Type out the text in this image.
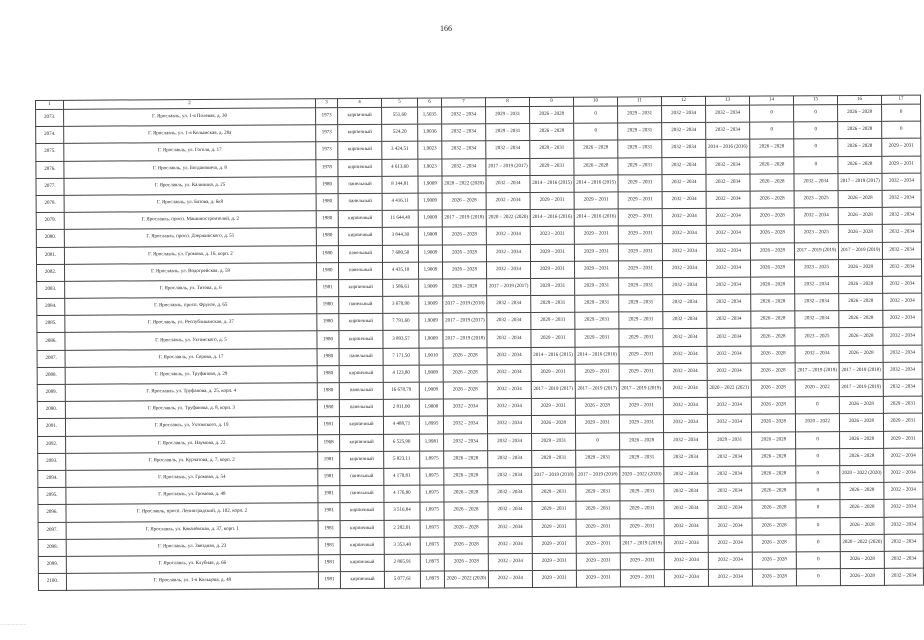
166
1	2	3	4	5	6	7	8	9	10	11	12	13	14	15	16	17
2073.	Г. Ярославль, ул. 1-я Полевая, д. 30	1973	кирпичный	551,60	1,5035	2032 – 2034	2029 – 2031	2026 – 2028	0	2029 – 2031	2032 – 2034	2032 – 2034	0	0	2026 – 2028	0
2074.	Г. Ярославль, ул. 1-я Колымская, д. 28а	1973	кирпичный	524,20	1,9036	2032 – 2034	2029 – 2031	2026 – 2028	0	2029 – 2031	2032 – 2034	2032 – 2034	0	0	2026 – 2028	0
2075.	Г. Ярославль, ул. Гоголя, д. 17	1973	кирпичный	3 424,51	1,9023	2032 – 2034	2032 – 2034	2029 – 2031	2026 – 2028	2029 – 2031	2032 – 2034	2014 – 2016 (2016)	2026 – 2028	0	2026 – 2028	2029 – 2031
2076.	Г. Ярославль, ул. Богдановича, д. 8	1978	кирпичный	4 613,60	1,9023	2032 – 2034	2017 – 2019 (2017)	2029 – 2031	2026 – 2028	2029 – 2031	2032 – 2034	2032 – 2034	2026 – 2028	0	2026 – 2028	2029 – 2031
2077.	Г. Ярославль, ул. Калинина, д. 25	1980	панельный	8 144,81	1,9009	2020 – 2022 (2020)	2032 – 2034	2014 – 2016 (2015)	2014 – 2016 (2015)	2029 – 2031	2032 – 2034	2032 – 2034	2026 – 2028	2032 – 2034	2017 – 2019 (2017)	2032 – 2034
2078.	Г. Ярославль, ул. Батова, д. 6к9	1980	панельный	4 416,11	1,9009	2026 – 2028	2032 – 2034	2029 – 2031	2029 – 2031	2029 – 2031	2032 – 2034	2032 – 2034	2026 – 2028	2023 – 2025	2026 – 2028	2032 – 2034
2079.	Г. Ярославль, просп. Машиностроителей, д. 2	1980	кирпичный	11 644,49	1,9009	2017 – 2019 (2018)	2020 – 2022 (2020)	2014 – 2016 (2016)	2014 – 2016 (2016)	2029 – 2031	2032 – 2034	2032 – 2034	2026 – 2028	2032 – 2034	2026 – 2028	2032 – 2034
2080.	Г. Ярославль, просп. Дзержинского, д. 51	1980	кирпичный	3 844,30	1,9009	2026 – 2028	2032 – 2034	2023 – 2031	2029 – 2031	2029 – 2031	2032 – 2034	2032 – 2034	2026 – 2028	2023 – 2025	2026 – 2028	2032 – 2034
2081.	Г. Ярославль, ул. Громова, д. 16, корп. 2	1980	панельный	7 680,50	1,9009	2026 – 2028	2032 – 2034	2029 – 2031	2029 – 2031	2029 – 2031	2032 – 2034	2032 – 2034	2026 – 2028	2017 – 2019 (2019)	2017 – 2019 (2019)	2032 – 2034
2082.	Г. Ярославль, ул. Водогрейская, д. 59	1980	панельный	4 435,10	1,9009	2026 – 2028	2032 – 2034	2029 – 2031	2029 – 2031	2029 – 2031	2032 – 2034	2032 – 2034	2026 – 2028	2023 – 2025	2026 – 2028	2032 – 2034
2083.	Г. Ярославль, ул. Титова, д. 6	1981	кирпичный	1 586,61	1,9009	2026 – 2028	2017 – 2019 (2017)	2029 – 2031	2029 – 2031	2029 – 2031	2032 – 2034	2032 – 2034	2026 – 2028	2032 – 2034	2026 – 2028	2032 – 2034
2084.	Г. Ярославль, просп. Фрунзе, д. 65	1980	панельный	3 670,90	1,9009	2017 – 2019 (2018)	2032 – 2034	2029 – 2031	2029 – 2031	2029 – 2031	2032 – 2034	2032 – 2034	2026 – 2028	2032 – 2034	2026 – 2028	2032 – 2034
2085.	Г. Ярославль, ул. Республиканская, д. 37	1980	кирпичный	7 791,60	1,9009	2017 – 2019 (2017)	2032 – 2034	2029 – 2031	2029 – 2031	2029 – 2031	2032 – 2034	2032 – 2034	2026 – 2028	2032 – 2034	2026 – 2028	2032 – 2034
2086.	Г. Ярославль, ул. Ухтомского, д. 5	1980	кирпичный	3 893,57	1,9009	2017 – 2019 (2018)	2032 – 2034	2029 – 2031	2029 – 2031	2029 – 2031	2032 – 2034	2032 – 2034	2026 – 2028	2023 – 2025	2026 – 2028	2032 – 2034
2087.	Г. Ярославль, ул. Серова, д. 17	1980	панельный	7 171,50	1,9010	2026 – 2028	2032 – 2034	2014 – 2016 (2015)	2014 – 2016 (2016)	2029 – 2031	2032 – 2034	2032 – 2034	2026 – 2028	2032 – 2034	2026 – 2028	2032 – 2034
2088.	Г. Ярославль, ул. Труфанова, д. 29	1980	кирпичный	4 123,80	1,9009	2026 – 2028	2032 – 2034	2029 – 2031	2029 – 2031	2029 – 2031	2032 – 2034	2032 – 2034	2026 – 2028	2017 – 2019 (2019)	2017 – 2019 (2018)	2032 – 2034
2089.	Г. Ярославль, ул. Труфанова, д. 25, корп. 4	1980	панельный	16 678,79	1,9009	2026 – 2028	2032 – 2034	2017 – 2019 (2017)	2017 – 2019 (2017)	2017 – 2019 (2019)	2032 – 2034	2020 – 2022 (2021)	2026 – 2028	2020 – 2022	2017 – 2019 (2019)	2032 – 2034
2090.	Г. Ярославль, ул. Труфанова, д. 8, корп. 3	1980	панельный	2 811,00	1,9000	2032 – 2034	2032 – 2034	2029 – 2031	2026 – 2028	2029 – 2031	2032 – 2034	2032 – 2034	2026 – 2028	0	2026 – 2028	2029 – 2031
2091.	Г. Ярославль, ул. Ухтомского, д. 19	1981	кирпичный	4 488,71	1,8995	2032 – 2034	2032 – 2034	2026 – 2028	2029 – 2031	2029 – 2031	2032 – 2034	2032 – 2034	2026 – 2028	2020 – 2022	2026 – 2028	2029 – 2031
2092.	Г. Ярославль, ул. Наумова, д. 22	1968	кирпичный	6 525,90	1,9981	2032 – 2034	2032 – 2034	2029 – 2031	0	2026 – 2028	2032 – 2034	2029 – 2031	2026 – 2028	0	2026 – 2028	2029 – 2031
2093.	Г. Ярославль, ул. Курчатова, д. 7, корп. 2	1981	кирпичный	5 823,11	1,8975	2026 – 2028	2032 – 2034	2029 – 2031	2029 – 2031	2029 – 2031	2032 – 2034	2032 – 2034	2026 – 2028	0	2026 – 2028	2032 – 2034
2094.	Г. Ярославль, ул. Громова, д. 54	1981	панельный	4 170,81	1,8975	2026 – 2028	2032 – 2034	2017 – 2019 (2018)	2017 – 2019 (2018)	2020 – 2022 (2020)	2032 – 2034	2032 – 2034	2026 – 2028	0	2020 – 2022 (2020)	2032 – 2034
2095.	Г. Ярославль, ул. Громова, д. 48	1981	панельный	4 176,80	1,8975	2026 – 2028	2032 – 2034	2029 – 2031	2029 – 2031	2029 – 2031	2032 – 2034	2032 – 2034	2026 – 2028	0	2026 – 2028	2032 – 2034
2096.	Г. Ярославль, просп. Ленинградский, д. 102, корп. 2	1981	кирпичный	3 516,84	1,8975	2026 – 2028	2032 – 2034	2029 – 2031	2029 – 2031	2029 – 2031	2032 – 2034	2032 – 2034	2026 – 2028	0	2026 – 2028	2032 – 2034
2097.	Г. Ярославль, ул. Ковалёвская, д. 37, корп. 1	1981	кирпичный	2 282,01	1,8975	2026 – 2028	2032 – 2034	2029 – 2031	2029 – 2031	2029 – 2031	2032 – 2034	2032 – 2034	2026 – 2028	0	2026 – 2028	2032 – 2034
2098.	Г. Ярославль, ул. Звездная, д. 23	1981	кирпичный	3 353,40	1,8975	2026 – 2028	2032 – 2034	2029 – 2031	2029 – 2031	2017 – 2019 (2019)	2032 – 2034	2032 – 2034	2026 – 2028	0	2020 – 2022 (2020)	2032 – 2034
2099.	Г. Ярославль, ул. Клубная, д. 66	1981	кирпичный	2 865,91	1,8975	2026 – 2028	2032 – 2034	2029 – 2031	2029 – 2031	2029 – 2031	2032 – 2034	2032 – 2034	2026 – 2028	0	2026 – 2028	2032 – 2034
2100.	Г. Ярославль, ул. 1-я Кольцова, д. 49	1981	кирпичный	5 077,61	1,8975	2020 – 2022 (2020)	2032 – 2034	2029 – 2031	2029 – 2031	2029 – 2031	2032 – 2034	2032 – 2034	2026 – 2028	0	2026 – 2028	2032 – 2034
··· ················
